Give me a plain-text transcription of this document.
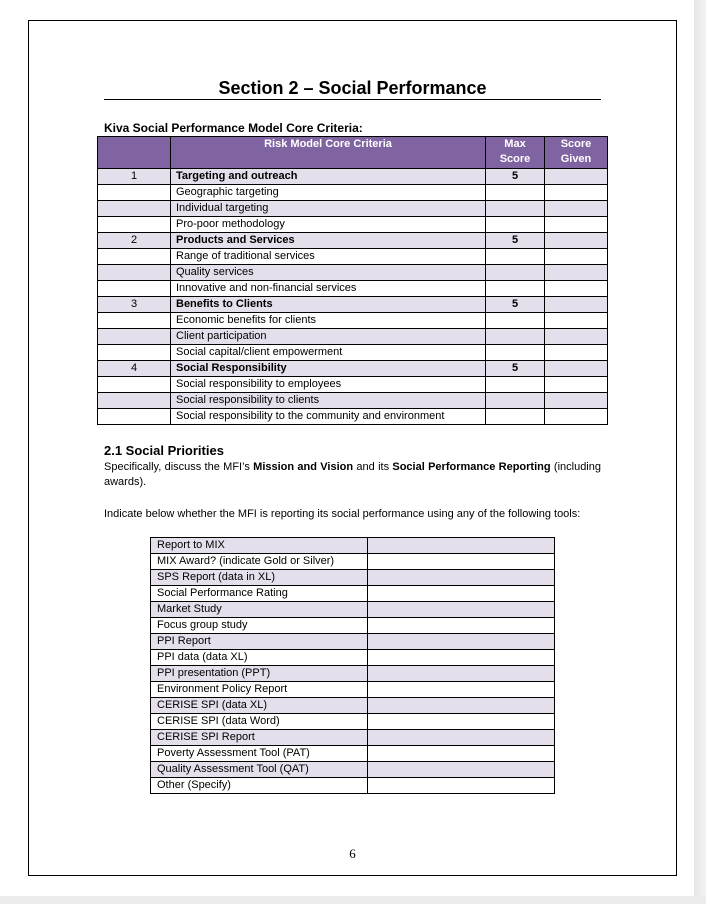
Section 2 – Social Performance
Kiva Social Performance Model Core Criteria:
	Risk Model Core Criteria	Max Score	Score Given
1	Targeting and outreach	5	
	Geographic targeting		
	Individual targeting		
	Pro-poor methodology		
2	Products and Services	5	
	Range of traditional services		
	Quality services		
	Innovative and non-financial services		
3	Benefits to Clients	5	
	Economic benefits for clients		
	Client participation		
	Social capital/client empowerment		
4	Social Responsibility	5	
	Social responsibility to employees		
	Social responsibility to clients		
	Social responsibility to the community and environment		
2.1 Social Priorities
Specifically, discuss the MFI’s Mission and Vision and its Social Performance Reporting (including awards).
Indicate below whether the MFI is reporting its social performance using any of the following tools:
Report to MIX	
MIX Award? (indicate Gold or Silver)	
SPS Report (data in XL)	
Social Performance Rating	
Market Study	
Focus group study	
PPI Report	
PPI data (data XL)	
PPI presentation (PPT)	
Environment Policy Report	
CERISE SPI (data XL)	
CERISE SPI (data Word)	
CERISE SPI Report	
Poverty Assessment Tool (PAT)	
Quality Assessment Tool (QAT)	
Other (Specify)	
6
